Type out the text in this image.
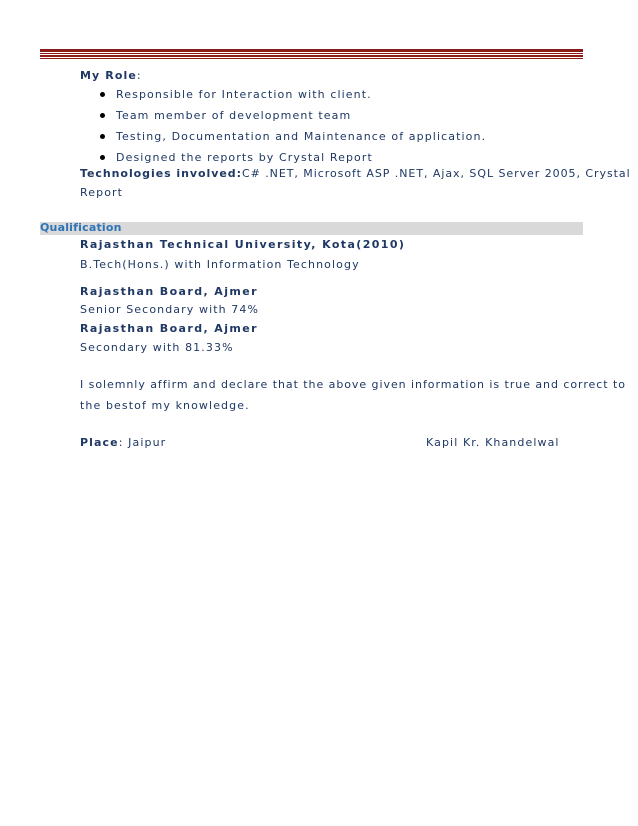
My Role:
Responsible for Interaction with client.
Team member of development team
Testing, Documentation and Maintenance of application.
Designed the reports by Crystal Report
Technologies involved:C# .NET, Microsoft ASP .NET, Ajax, SQL Server 2005, Crystal
Report
Qualification
Rajasthan Technical University, Kota(2010)
B.Tech(Hons.) with Information Technology
Rajasthan Board, Ajmer
Senior Secondary with 74%
Rajasthan Board, Ajmer
Secondary with 81.33%
I solemnly affirm and declare that the above given information is true and correct to
the bestof my knowledge.
Place: Jaipur	Kapil Kr. Khandelwal
